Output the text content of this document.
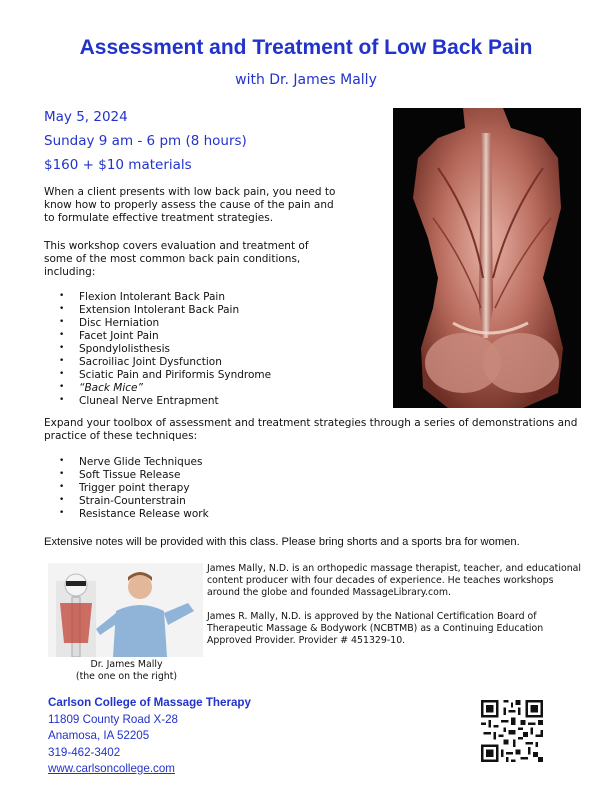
Assessment and Treatment of Low Back Pain
with Dr. James Mally
May 5, 2024
Sunday 9 am - 6 pm (8 hours)
$160 + $10 materials
When a client presents with low back pain, you need to know how to properly assess the cause of the pain and to formulate effective treatment strategies.
This workshop covers evaluation and treatment of some of the most common back pain conditions, including:
• Flexion Intolerant Back Pain
• Extension Intolerant Back Pain
• Disc Herniation
• Facet Joint Pain
• Spondylolisthesis
• Sacroiliac Joint Dysfunction
• Sciatic Pain and Piriformis Syndrome
• “Back Mice”
• Cluneal Nerve Entrapment
Expand your toolbox of assessment and treatment strategies through a series of demonstrations and practice of these techniques:
• Nerve Glide Techniques
• Soft Tissue Release
• Trigger point therapy
• Strain-Counterstrain
• Resistance Release work
Extensive notes will be provided with this class. Please bring shorts and a sports bra for women.
James Mally, N.D. is an orthopedic massage therapist, teacher, and educational content producer with four decades of experience. He teaches workshops around the globe and founded MassageLibrary.com.
James R. Mally, N.D. is approved by the National Certification Board of Therapeutic Massage & Bodywork (NCBTMB) as a Continuing Education Approved Provider. Provider # 451329-10.
Dr. James Mally
(the one on the right)
Carlson College of Massage Therapy
11809 County Road X-28
Anamosa, IA 52205
319-462-3402
www.carlsoncollege.com
